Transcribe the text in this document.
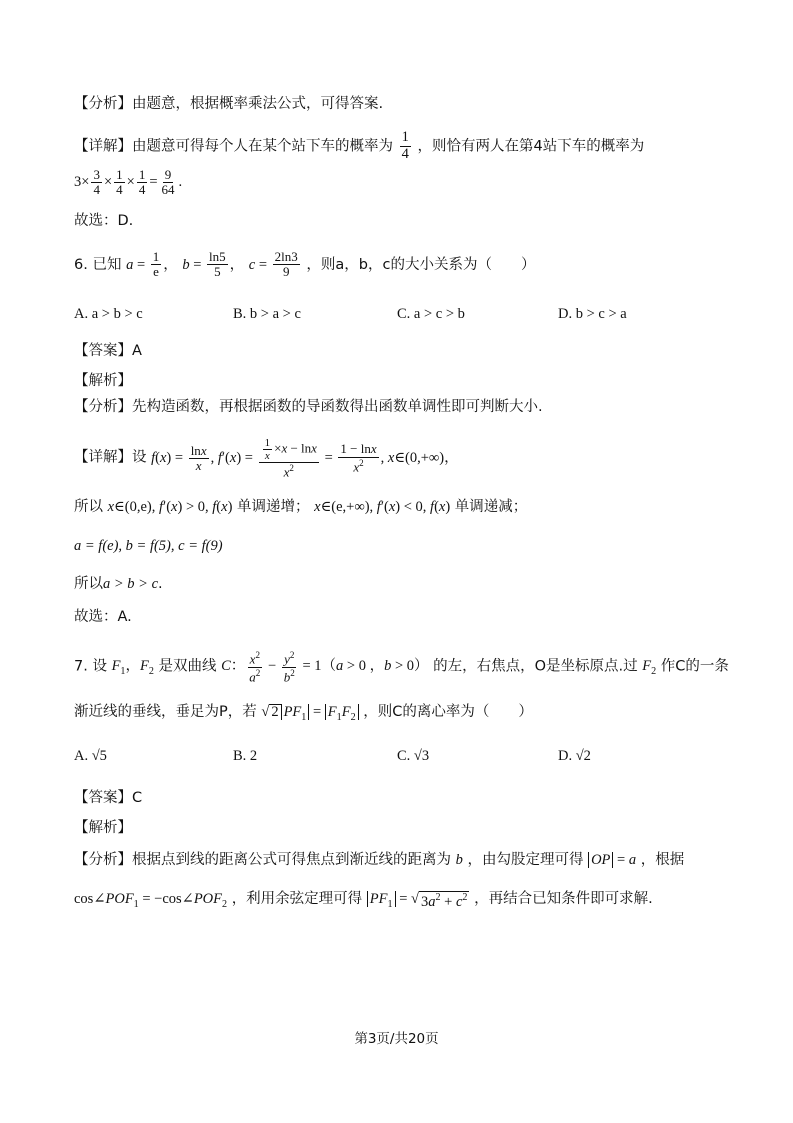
【分析】由题意，根据概率乘法公式，可得答案.
【详解】由题意可得每个人在某个站下车的概率为 $\frac{1}{4}$ ，则恰有两人在第4站下车的概率为
$3\times \frac{3}{4} \times \frac{1}{4} \times \frac{1}{4} = \frac{9}{64}$ .
故选：D.
6. 已知 $a = \frac{1}{e}$ ， $b = \frac{\ln 5}{5}$ ， $c = \frac{2\ln 3}{9}$ ，则a，b，c的大小关系为（　　）
A. a > b > c	B. b > a > c	C. a > c > b	D. b > c > a
【答案】A
【解析】
【分析】先构造函数，再根据函数的导函数得出函数单调性即可判断大小.
【详解】设 $f(x) = \frac{\ln x}{x}$ , $f'(x) = \frac{\frac{1}{x} \times x - \ln x}{x^2} = \frac{1 - \ln x}{x^2}$ , x∈(0,+∞)，
所以 x∈(0,e), f′(x) > 0, f(x) 单调递增； x∈(e,+∞), f′(x) < 0, f(x) 单调递减；
a = f(e), b = f(5), c = f(9)
所以a > b > c.
故选：A.
7. 设 $F_1$，$F_2$ 是双曲线 C： $\frac{x^2}{a^2} - \frac{y^2}{b^2} = 1(a > 0$ ，b > 0） 的左，右焦点，O是坐标原点.过 $F_2$ 作C的一条
渐近线的垂线，垂足为P，若 √ 2 $PF_1 = F_1F_2$ ，则C的离心率为（　　）
A. √5	B. 2	C. √3	D. √2
【答案】C
【解析】
【分析】根据点到线的距离公式可得焦点到渐近线的距离为 b ，由勾股定理可得 OP = a ，根据
$\cos\angle POF_1$ = $-\cos\angle POF_2$ ，利用余弦定理可得 $PF_1$ = √ $3a^2 + c^2$ ，再结合已知条件即可求解.
第3页/共20页
